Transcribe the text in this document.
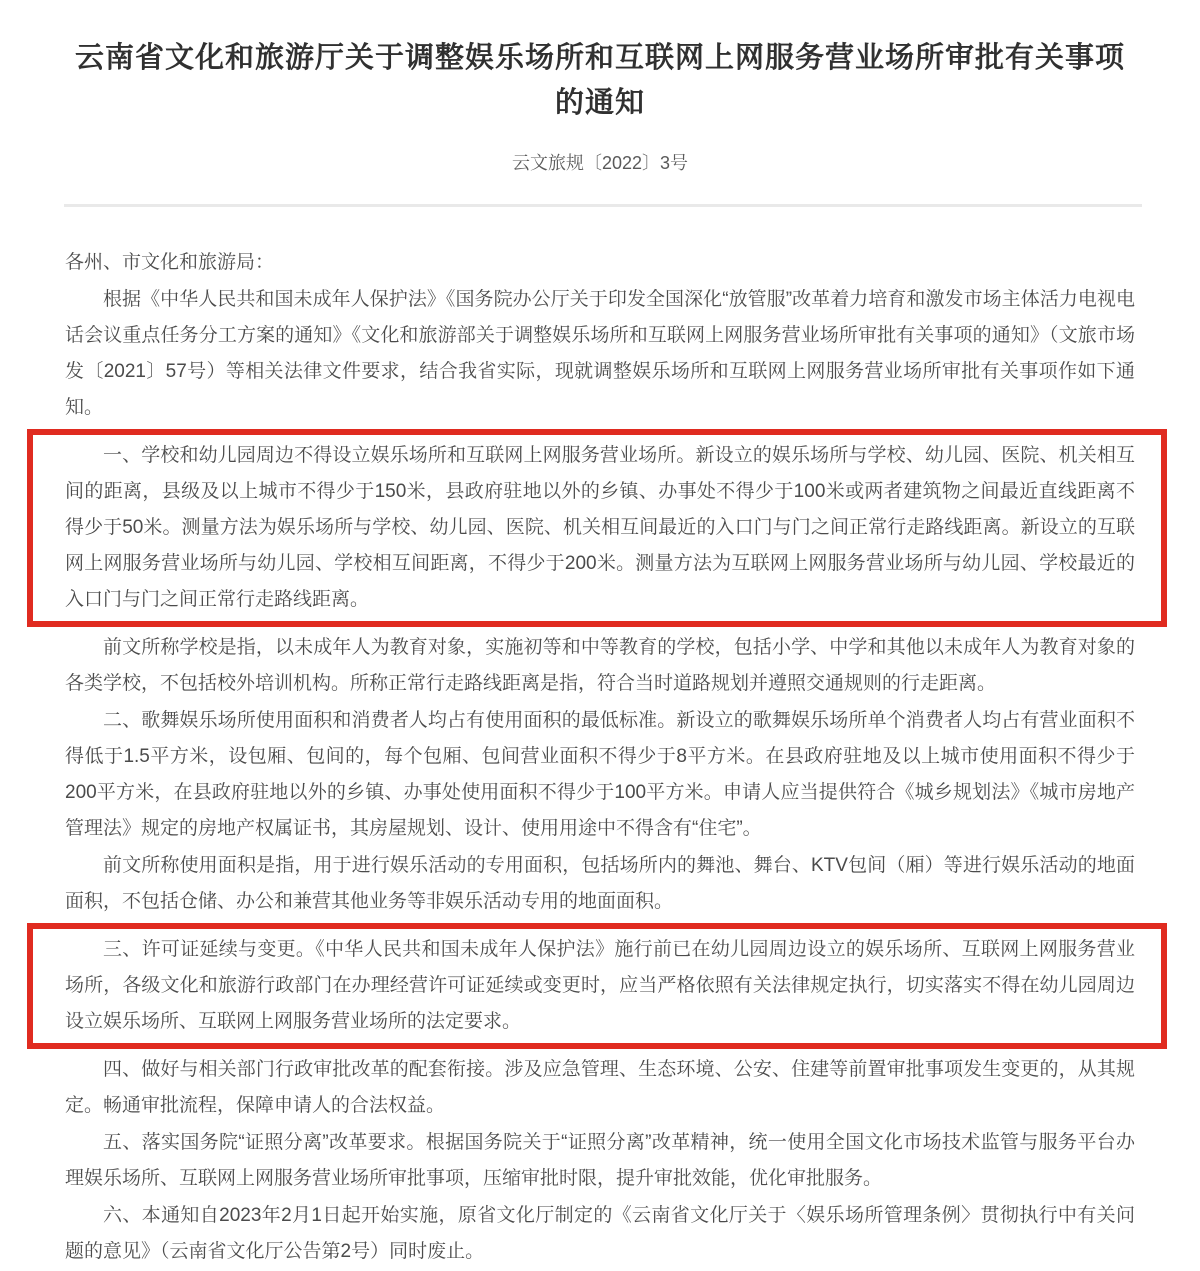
云南省文化和旅游厅关于调整娱乐场所和互联网上网服务营业场所审批有关事项的通知
云文旅规〔2022〕3号

各州、市文化和旅游局：

根据《中华人民共和国未成年人保护法》《国务院办公厅关于印发全国深化“放管服”改革着力培育和激发市场主体活力电视电话会议重点任务分工方案的通知》《文化和旅游部关于调整娱乐场所和互联网上网服务营业场所审批有关事项的通知》（文旅市场发〔2021〕57号）等相关法律文件要求，结合我省实际，现就调整娱乐场所和互联网上网服务营业场所审批有关事项作如下通知。

一、学校和幼儿园周边不得设立娱乐场所和互联网上网服务营业场所。新设立的娱乐场所与学校、幼儿园、医院、机关相互间的距离，县级及以上城市不得少于150米，县政府驻地以外的乡镇、办事处不得少于100米或两者建筑物之间最近直线距离不得少于50米。测量方法为娱乐场所与学校、幼儿园、医院、机关相互间最近的入口门与门之间正常行走路线距离。新设立的互联网上网服务营业场所与幼儿园、学校相互间距离，不得少于200米。测量方法为互联网上网服务营业场所与幼儿园、学校最近的入口门与门之间正常行走路线距离。

前文所称学校是指，以未成年人为教育对象，实施初等和中等教育的学校，包括小学、中学和其他以未成年人为教育对象的各类学校，不包括校外培训机构。所称正常行走路线距离是指，符合当时道路规划并遵照交通规则的行走距离。

二、歌舞娱乐场所使用面积和消费者人均占有使用面积的最低标准。新设立的歌舞娱乐场所单个消费者人均占有营业面积不得低于1.5平方米，设包厢、包间的，每个包厢、包间营业面积不得少于8平方米。在县政府驻地及以上城市使用面积不得少于200平方米，在县政府驻地以外的乡镇、办事处使用面积不得少于100平方米。申请人应当提供符合《城乡规划法》《城市房地产管理法》规定的房地产权属证书，其房屋规划、设计、使用用途中不得含有“住宅”。

前文所称使用面积是指，用于进行娱乐活动的专用面积，包括场所内的舞池、舞台、KTV包间（厢）等进行娱乐活动的地面面积，不包括仓储、办公和兼营其他业务等非娱乐活动专用的地面面积。

三、许可证延续与变更。《中华人民共和国未成年人保护法》施行前已在幼儿园周边设立的娱乐场所、互联网上网服务营业场所，各级文化和旅游行政部门在办理经营许可证延续或变更时，应当严格依照有关法律规定执行，切实落实不得在幼儿园周边设立娱乐场所、互联网上网服务营业场所的法定要求。

四、做好与相关部门行政审批改革的配套衔接。涉及应急管理、生态环境、公安、住建等前置审批事项发生变更的，从其规定。畅通审批流程，保障申请人的合法权益。

五、落实国务院“证照分离”改革要求。根据国务院关于“证照分离”改革精神，统一使用全国文化市场技术监管与服务平台办理娱乐场所、互联网上网服务营业场所审批事项，压缩审批时限，提升审批效能，优化审批服务。

六、本通知自2023年2月1日起开始实施，原省文化厅制定的《云南省文化厅关于〈娱乐场所管理条例〉贯彻执行中有关问题的意见》（云南省文化厅公告第2号）同时废止。
